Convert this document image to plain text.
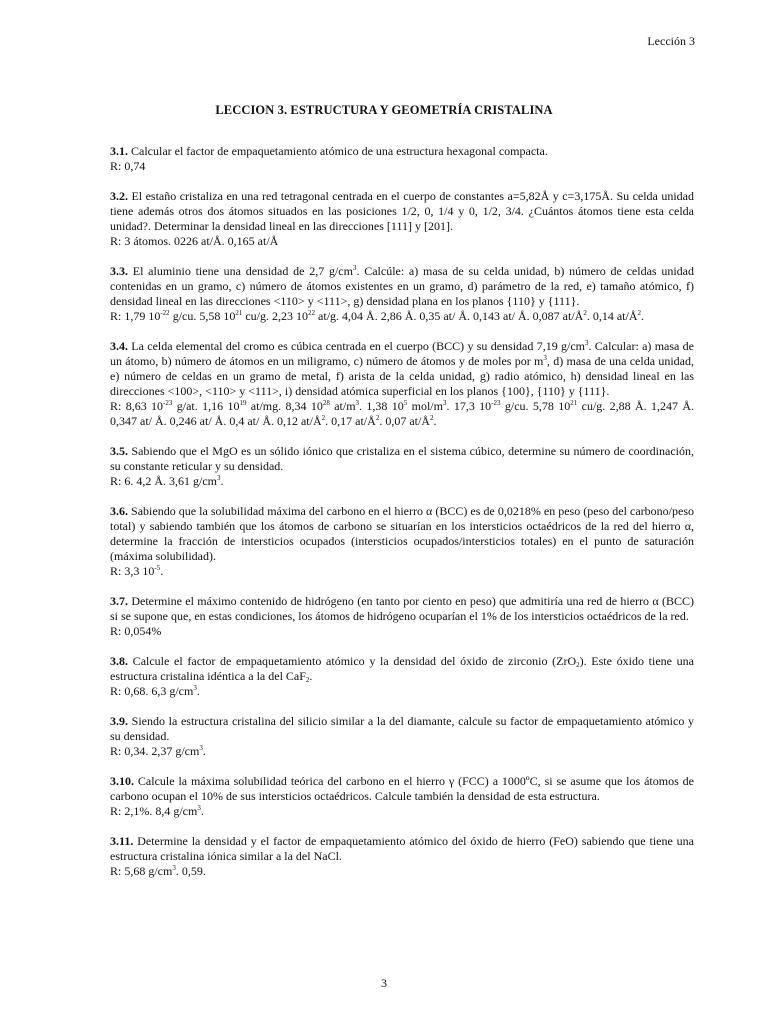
Lección 3
LECCION 3. ESTRUCTURA Y GEOMETRÍA CRISTALINA

3.1. Calcular el factor de empaquetamiento atómico de una estructura hexagonal compacta.

R: 0,74

3.2. El estaño cristaliza en una red tetragonal centrada en el cuerpo de constantes a=5,82Å y c=3,175Å. Su celda unidad tiene además otros dos átomos situados en las posiciones 1/2, 0, 1/4 y 0, 1/2, 3/4. ¿Cuántos átomos tiene esta celda unidad?. Determinar la densidad lineal en las direcciones [111] y [201].

R: 3 átomos. 0226 at/Å. 0,165 at/Å

3.3. El aluminio tiene una densidad de 2,7 $g/cm^3$. Calcúle: a) masa de su celda unidad, b) número de celdas unidad contenidas en un gramo, c) número de átomos existentes en un gramo, d) parámetro de la red, e) tamaño atómico, f) densidad lineal en las direcciones <110> y <111>, g) densidad plana en los planos {110} y {111}.

R: 1,79 $10^{-22}$ g/cu. 5,58 $10^{21}$ cu/g. 2,23 $10^{22}$ at/g. 4,04 Å. 2,86 Å. 0,35 at/ Å. 0,143 at/ Å. 0,087 $at/Å^2$. 0,14 $at/Å^2$.

3.4. La celda elemental del cromo es cúbica centrada en el cuerpo (BCC) y su densidad 7,19 $g/cm^3$. Calcular: a) masa de un átomo, b) número de átomos en un miligramo, c) número de átomos y de moles por $m^3$, d) masa de una celda unidad, e) número de celdas en un gramo de metal, f) arista de la celda unidad, g) radio atómico, h) densidad lineal en las direcciones <100>, <110> y <111>, i) densidad atómica superficial en los planos {100}, {110} y {111}.

R: 8,63 $10^{-23}$ g/at. 1,16 $10^{19}$ at/mg. 8,34 $10^{28}$ $at/m^3$. 1,38 $10^5$ mol/$m^3$. 17,3 $10^{-23}$ g/cu. 5,78 $10^{21}$ cu/g. 2,88 Å. 1,247 Å. 0,347 at/ Å. 0,246 at/ Å. 0,4 at/ Å. 0,12 $at/Å^2$. 0,17 $at/Å^2$. 0,07 $at/Å^2$.

3.5. Sabiendo que el MgO es un sólido iónico que cristaliza en el sistema cúbico, determine su número de coordinación, su constante reticular y su densidad.

R: 6. 4,2 Å. 3,61 $g/cm^3$.

3.6. Sabiendo que la solubilidad máxima del carbono en el hierro α (BCC) es de 0,0218% en peso (peso del carbono/peso total) y sabiendo también que los átomos de carbono se situarían en los intersticios octaédricos de la red del hierro α, determine la fracción de intersticios ocupados (intersticios ocupados/intersticios totales) en el punto de saturación (máxima solubilidad).

R: 3,3 $10^{-5}$.

3.7. Determine el máximo contenido de hidrógeno (en tanto por ciento en peso) que admitiría una red de hierro α (BCC) si se supone que, en estas condiciones, los átomos de hidrógeno ocuparían el 1% de los intersticios octaédricos de la red.

R: 0,054%

3.8. Calcule el factor de empaquetamiento atómico y la densidad del óxido de zirconio (ZrO$_2$). Este óxido tiene una estructura cristalina idéntica a la del CaF$_2$.

R: 0,68. 6,3 $g/cm^3$.

3.9. Siendo la estructura cristalina del silicio similar a la del diamante, calcule su factor de empaquetamiento atómico y su densidad.

R: 0,34. 2,37 $g/cm^3$.

3.10. Calcule la máxima solubilidad teórica del carbono en el hierro γ (FCC) a 1000ºC, si se asume que los átomos de carbono ocupan el 10% de sus intersticios octaédricos. Calcule también la densidad de esta estructura.

R: 2,1%. 8,4 $g/cm^3$.

3.11. Determine la densidad y el factor de empaquetamiento atómico del óxido de hierro (FeO) sabiendo que tiene una estructura cristalina iónica similar a la del NaCl.

R: 5,68 $g/cm^3$. 0,59.

3
